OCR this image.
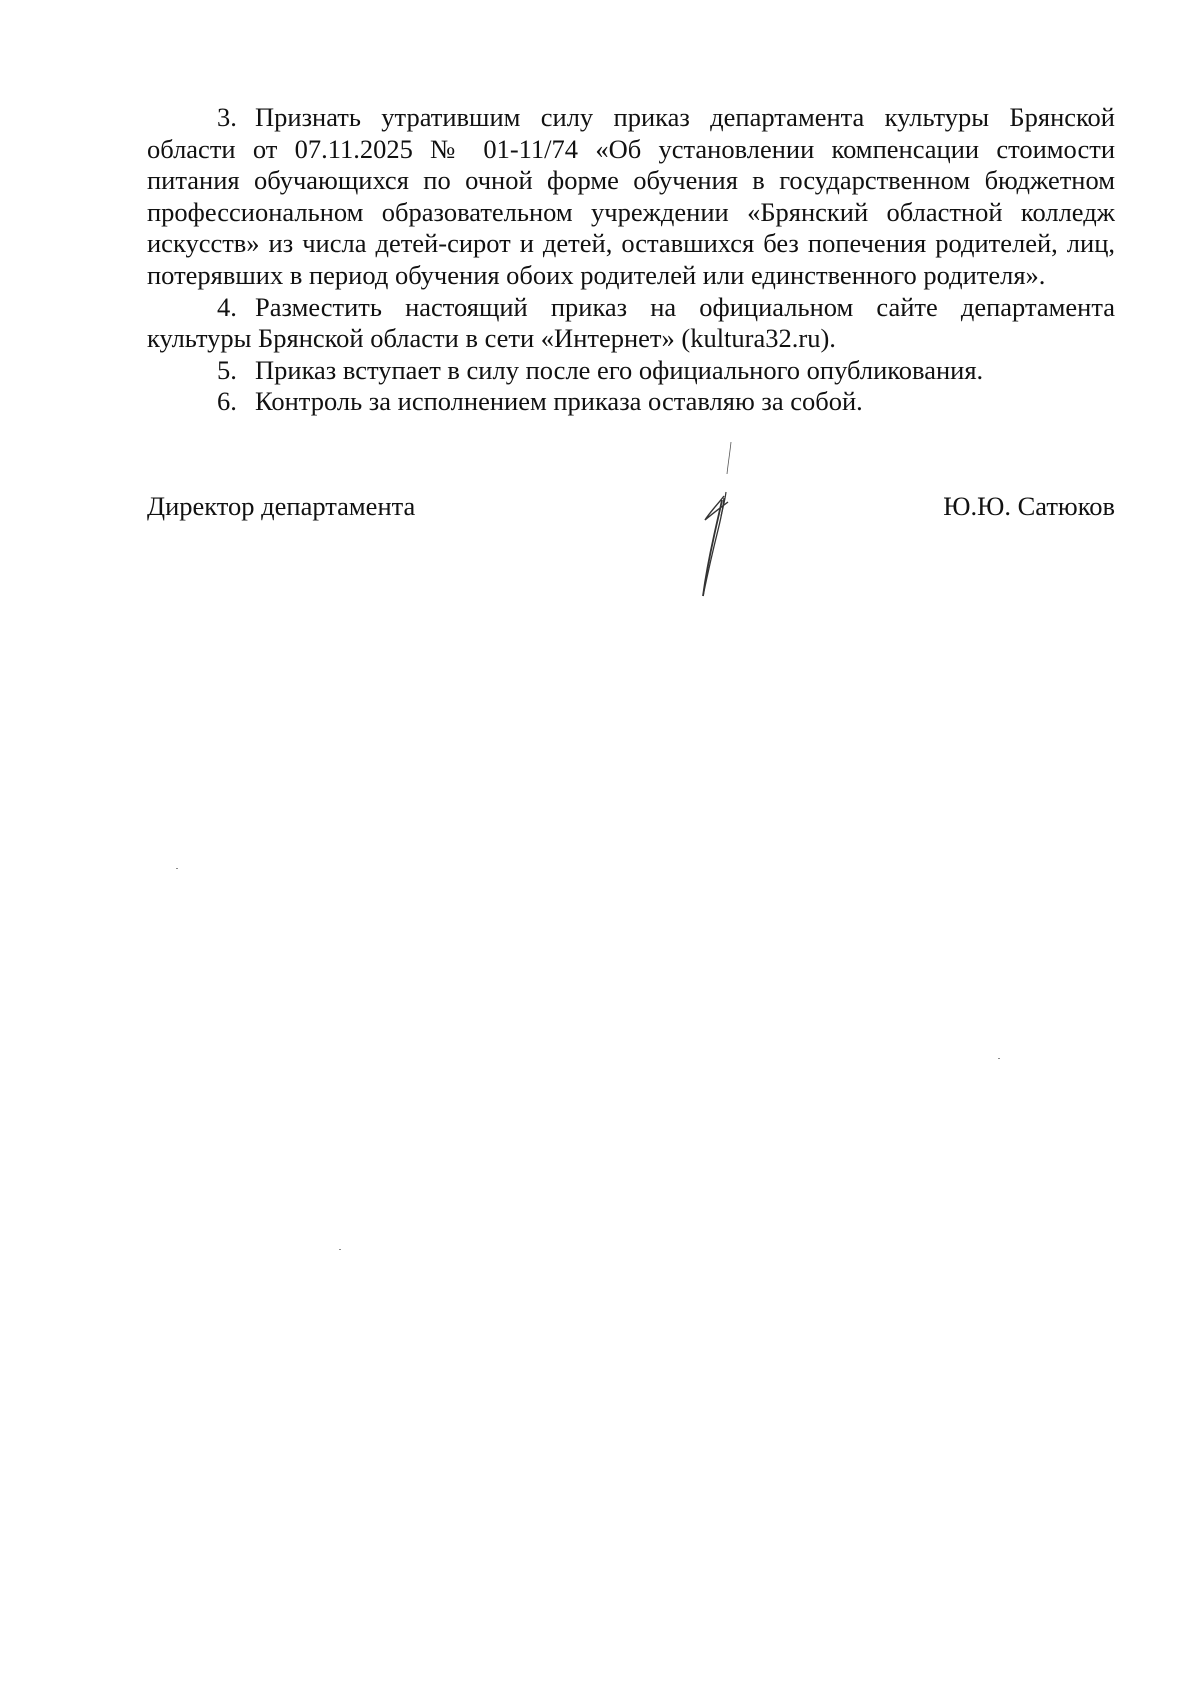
3. Признать утратившим силу приказ департамента культуры Брянской области от 07.11.2025 № 01-11/74 «Об установлении компенсации стоимости питания обучающихся по очной форме обучения в государственном бюджетном профессиональном образовательном учреждении «Брянский областной колледж искусств» из числа детей-сирот и детей, оставшихся без попечения родителей, лиц, потерявших в период обучения обоих родителей или единственного родителя».

4. Разместить настоящий приказ на официальном сайте департамента культуры Брянской области в сети «Интернет» (kultura32.ru).

5. Приказ вступает в силу после его официального опубликования.

6. Контроль за исполнением приказа оставляю за собой.

Директор департамента	Ю.Ю. Сатюков
